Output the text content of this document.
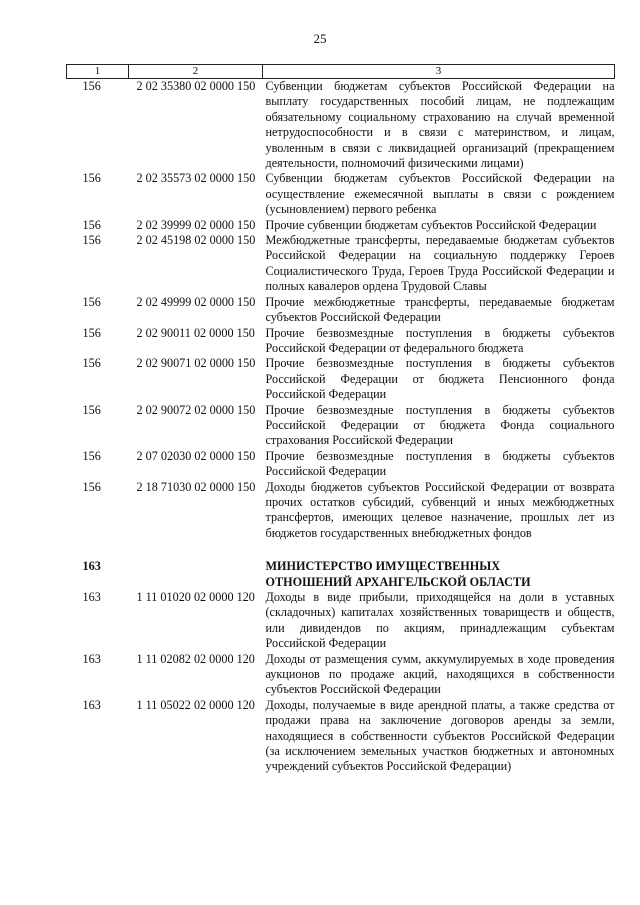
25
1	2	3
156	2 02 35380 02 0000 150	Субвенции бюджетам субъектов Российской Федерации на выплату государственных пособий лицам, не подлежащим обязательному социальному страхованию на случай временной нетрудоспособности и в связи с материнством, и лицам, уволенным в связи с ликвидацией организаций (прекращением деятельности, полномочий физическими лицами)
156	2 02 35573 02 0000 150	Субвенции бюджетам субъектов Российской Федерации на осуществление ежемесячной выплаты в связи с рождением (усыновлением) первого ребенка
156	2 02 39999 02 0000 150	Прочие субвенции бюджетам субъектов Российской Федерации
156	2 02 45198 02 0000 150	Межбюджетные трансферты, передаваемые бюджетам субъектов Российской Федерации на социальную поддержку Героев Социалистического Труда, Героев Труда Российской Федерации и полных кавалеров ордена Трудовой Славы
156	2 02 49999 02 0000 150	Прочие межбюджетные трансферты, передаваемые бюджетам субъектов Российской Федерации
156	2 02 90011 02 0000 150	Прочие безвозмездные поступления в бюджеты субъектов Российской Федерации от федерального бюджета
156	2 02 90071 02 0000 150	Прочие безвозмездные поступления в бюджеты субъектов Российской Федерации от бюджета Пенсионного фонда Российской Федерации
156	2 02 90072 02 0000 150	Прочие безвозмездные поступления в бюджеты субъектов Российской Федерации от бюджета Фонда социального страхования Российской Федерации
156	2 07 02030 02 0000 150	Прочие безвозмездные поступления в бюджеты субъектов Российской Федерации
156	2 18 71030 02 0000 150	Доходы бюджетов субъектов Российской Федерации от возврата прочих остатков субсидий, субвенций и иных межбюджетных трансфертов, имеющих целевое назначение, прошлых лет из бюджетов государственных внебюджетных фондов

163		МИНИСТЕРСТВО ИМУЩЕСТВЕННЫХ
ОТНОШЕНИЙ АРХАНГЕЛЬСКОЙ ОБЛАСТИ
163	1 11 01020 02 0000 120	Доходы в виде прибыли, приходящейся на доли в уставных (складочных) капиталах хозяйственных товариществ и обществ, или дивидендов по акциям, принадлежащим субъектам Российской Федерации
163	1 11 02082 02 0000 120	Доходы от размещения сумм, аккумулируемых в ходе проведения аукционов по продаже акций, находящихся в собственности субъектов Российской Федерации
163	1 11 05022 02 0000 120	Доходы, получаемые в виде арендной платы, а также средства от продажи права на заключение договоров аренды за земли, находящиеся в собственности субъектов Российской Федерации (за исключением земельных участков бюджетных и автономных учреждений субъектов Российской Федерации)
